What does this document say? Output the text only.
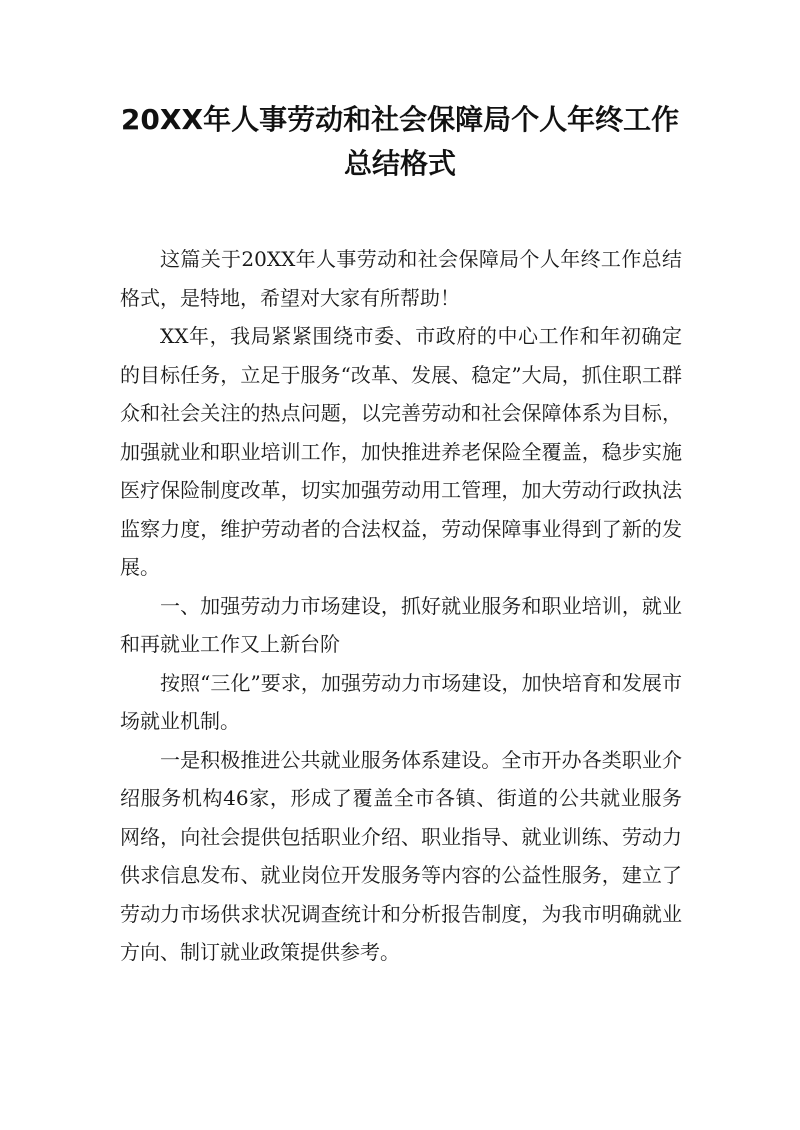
20XX年人事劳动和社会保障局个人年终工作总结格式

这篇关于20XX年人事劳动和社会保障局个人年终工作总结格式，是特地，希望对大家有所帮助！

XX年，我局紧紧围绕市委、市政府的中心工作和年初确定的目标任务，立足于服务“改革、发展、稳定”大局，抓住职工群众和社会关注的热点问题，以完善劳动和社会保障体系为目标，加强就业和职业培训工作，加快推进养老保险全覆盖，稳步实施医疗保险制度改革，切实加强劳动用工管理，加大劳动行政执法监察力度，维护劳动者的合法权益，劳动保障事业得到了新的发展。

一、加强劳动力市场建设，抓好就业服务和职业培训，就业和再就业工作又上新台阶

按照“三化”要求，加强劳动力市场建设，加快培育和发展市场就业机制。

一是积极推进公共就业服务体系建设。全市开办各类职业介绍服务机构46家，形成了覆盖全市各镇、街道的公共就业服务网络，向社会提供包括职业介绍、职业指导、就业训练、劳动力供求信息发布、就业岗位开发服务等内容的公益性服务，建立了劳动力市场供求状况调查统计和分析报告制度，为我市明确就业方向、制订就业政策提供参考。
